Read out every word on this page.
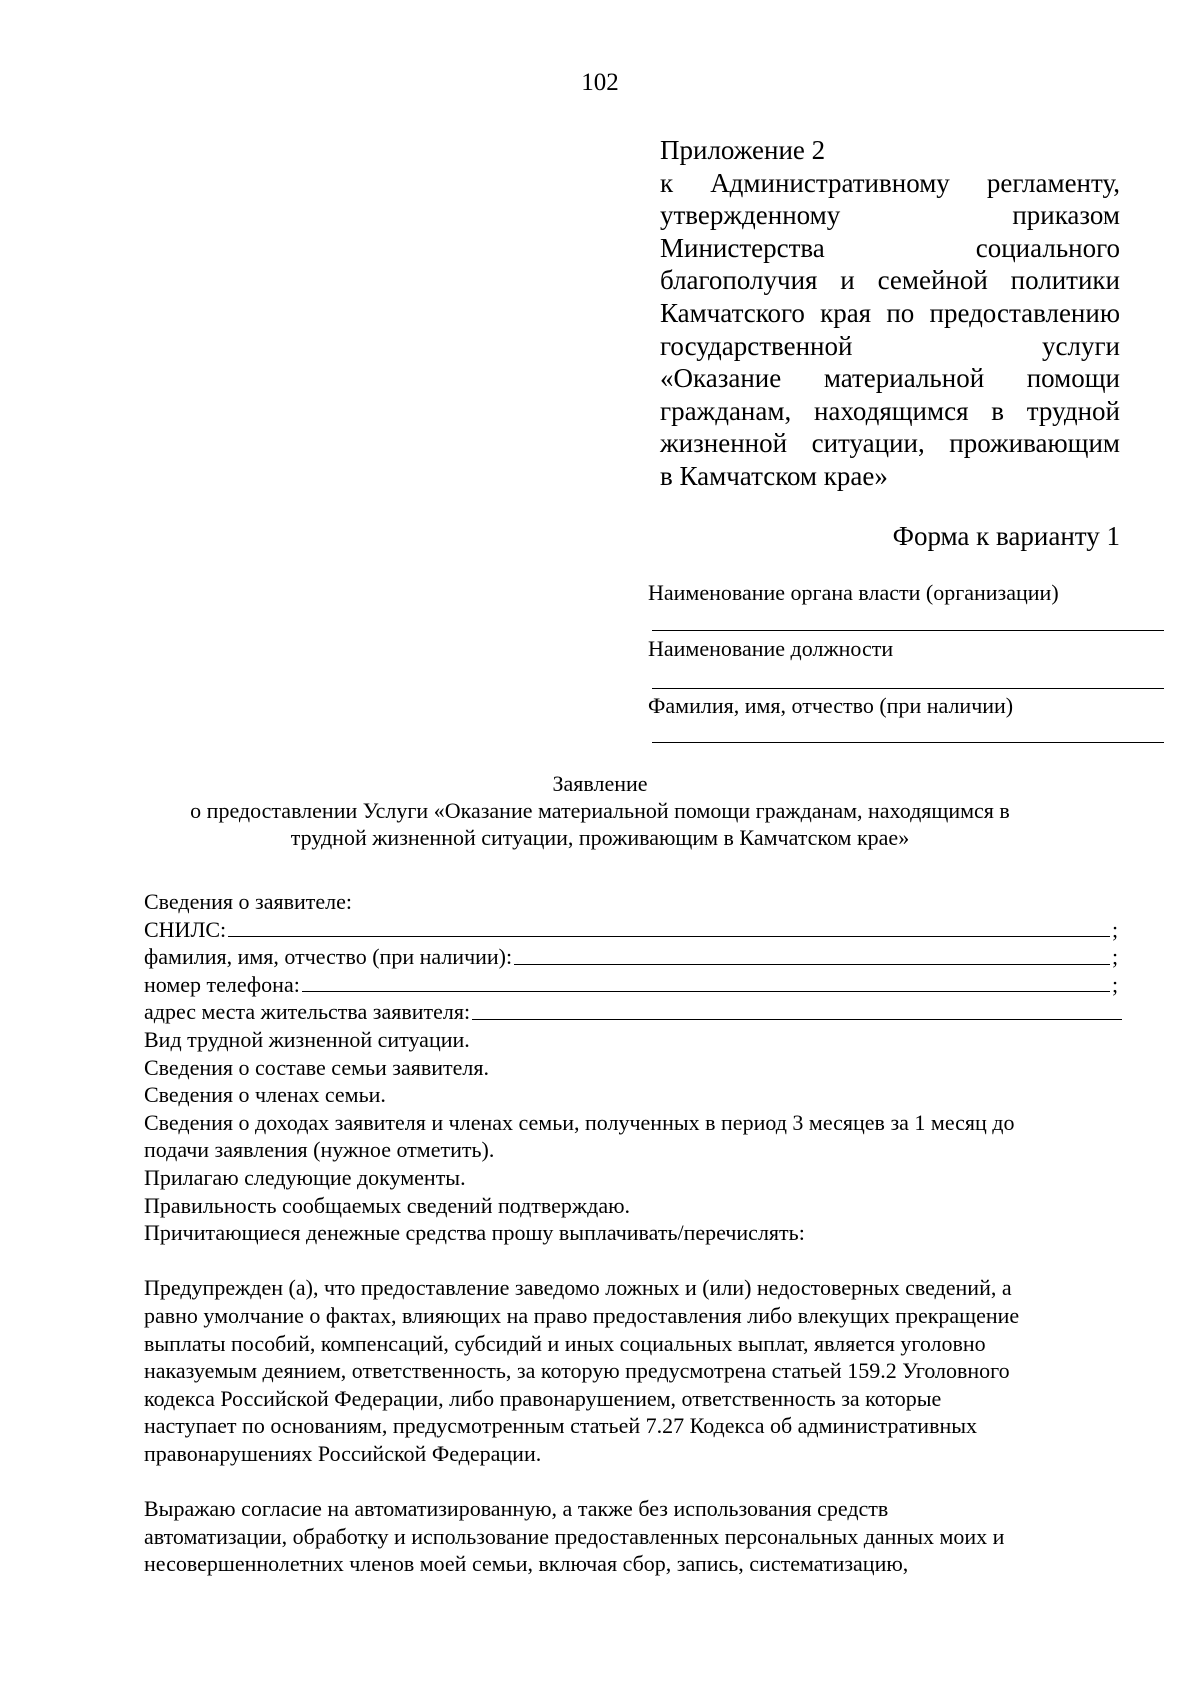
102
Приложение 2
к Административному регламенту,
утвержденному приказом
Министерства социального
благополучия и семейной политики
Камчатского края по предоставлению
государственной услуги
«Оказание материальной помощи
гражданам, находящимся в трудной
жизненной ситуации, проживающим
в Камчатском крае»
Форма к варианту 1
Наименование органа власти (организации)
Наименование должности
Фамилия, имя, отчество (при наличии)
Заявление
о предоставлении Услуги «Оказание материальной помощи гражданам, находящимся в
трудной жизненной ситуации, проживающим в Камчатском крае»
Сведения о заявителе:
СНИЛС:	;
фамилия, имя, отчество (при наличии):	;
номер телефона:	;
адрес места жительства заявителя:
Вид трудной жизненной ситуации.
Сведения о составе семьи заявителя.
Сведения о членах семьи.
Сведения о доходах заявителя и членах семьи, полученных в период 3 месяцев за 1 месяц до
подачи заявления (нужное отметить).
Прилагаю следующие документы.
Правильность сообщаемых сведений подтверждаю.
Причитающиеся денежные средства прошу выплачивать/перечислять:
Предупрежден (а), что предоставление заведомо ложных и (или) недостоверных сведений, а
равно умолчание о фактах, влияющих на право предоставления либо влекущих прекращение
выплаты пособий, компенсаций, субсидий и иных социальных выплат, является уголовно
наказуемым деянием, ответственность, за которую предусмотрена статьей 159.2 Уголовного
кодекса Российской Федерации, либо правонарушением, ответственность за которые
наступает по основаниям, предусмотренным статьей 7.27 Кодекса об административных
правонарушениях Российской Федерации.
Выражаю согласие на автоматизированную, а также без использования средств
автоматизации, обработку и использование предоставленных персональных данных моих и
несовершеннолетних членов моей семьи, включая сбор, запись, систематизацию,
